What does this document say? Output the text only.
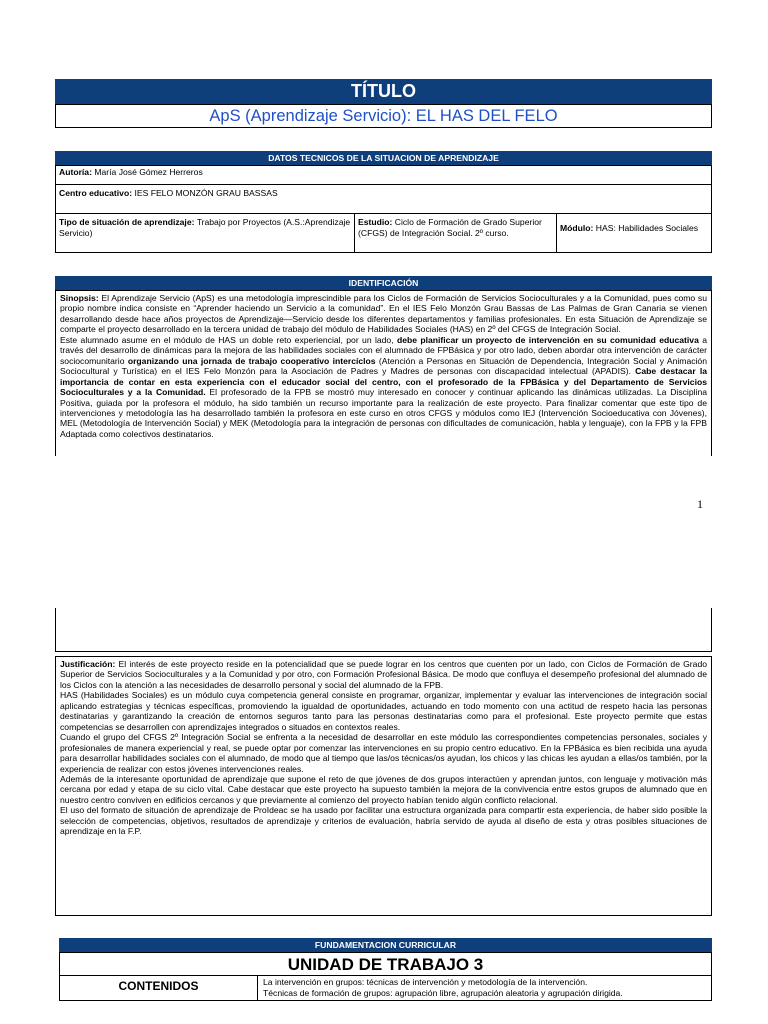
TÍTULO
ApS (Aprendizaje Servicio): EL HAS DEL FELO
DATOS TECNICOS DE LA SITUACION DE APRENDIZAJE
Autoría: María José Gómez Herreros
Centro educativo: IES FELO MONZÓN GRAU BASSAS
Tipo de situación de aprendizaje: Trabajo por Proyectos (A.S.:Aprendizaje Servicio)
Estudio: Ciclo de Formación de Grado Superior (CFGS) de Integración Social. 2º curso.	Módulo: HAS: Habilidades Sociales
IDENTIFICACIÓN

Sinopsis: El Aprendizaje Servicio (ApS) es una metodología imprescindible para los Ciclos de Formación de Servicios Socioculturales y a la Comunidad, pues como su propio nombre indica consiste en “Aprender haciendo un Servicio a la comunidad”. En el IES Felo Monzón Grau Bassas de Las Palmas de Gran Canaria se vienen desarrollando desde hace años proyectos de Aprendizaje—Servicio desde los diferentes departamentos y familias profesionales. En esta Situación de Aprendizaje se comparte el proyecto desarrollado en la tercera unidad de trabajo del módulo de Habilidades Sociales (HAS) en 2º del CFGS de Integración Social.

Este alumnado asume en el módulo de HAS un doble reto experiencial, por un lado, debe planificar un proyecto de intervención en su comunidad educativa a través del desarrollo de dinámicas para la mejora de las habilidades sociales con el alumnado de FPBásica y por otro lado, deben abordar otra intervención de carácter sociocomunitario organizando una jornada de trabajo cooperativo intercíclos (Atención a Personas en Situación de Dependencia, Integración Social y Animación Sociocultural y Turística) en el IES Felo Monzón para la Asociación de Padres y Madres de personas con discapacidad intelectual (APADIS). Cabe destacar la importancia de contar en esta experiencia con el educador social del centro, con el profesorado de la FPBásica y del Departamento de Servicios Socioculturales y a la Comunidad. El profesorado de la FPB se mostró muy interesado en conocer y continuar aplicando las dinámicas utilizadas. La Disciplina Positiva, guiada por la profesora el módulo, ha sido también un recurso importante para la realización de este proyecto. Para finalizar comentar que este tipo de intervenciones y metodología las ha desarrollado también la profesora en este curso en otros CFGS y módulos como IEJ (Intervención Socioeducativa con Jóvenes), MEL (Metodología de Intervención Social) y MEK (Metodología para la integración de personas con dificultades de comunicación, habla y lenguaje), con la FPB y la FPB Adaptada como colectivos destinatarios.

1

Justificación: El interés de este proyecto reside en la potencialidad que se puede lograr en los centros que cuenten por un lado, con Ciclos de Formación de Grado Superior de Servicios Socioculturales y a la Comunidad y por otro, con Formación Profesional Básica. De modo que confluya el desempeño profesional del alumnado de los Ciclos con la atención a las necesidades de desarrollo personal y social del alumnado de la FPB.

HAS (Habilidades Sociales) es un módulo cuya competencia general consiste en programar, organizar, implementar y evaluar las intervenciones de integración social aplicando estrategias y técnicas específicas, promoviendo la igualdad de oportunidades, actuando en todo momento con una actitud de respeto hacia las personas destinatarias y garantizando la creación de entornos seguros tanto para las personas destinatarias como para el profesional. Este proyecto permite que estas competencias se desarrollen con aprendizajes integrados o situados en contextos reales.

Cuando el grupo del CFGS 2º Integración Social se enfrenta a la necesidad de desarrollar en este módulo las correspondientes competencias personales, sociales y profesionales de manera experiencial y real, se puede optar por comenzar las intervenciones en su propio centro educativo. En la FPBásica es bien recibida una ayuda para desarrollar habilidades sociales con el alumnado, de modo que al tiempo que las/os técnicas/os ayudan, los chicos y las chicas les ayudan a ellas/os también, por la experiencia de realizar con estos jóvenes intervenciones reales.

Además de la interesante oportunidad de aprendizaje que supone el reto de que jóvenes de dos grupos interactúen y aprendan juntos, con lenguaje y motivación más cercana por edad y etapa de su ciclo vital. Cabe destacar que este proyecto ha supuesto también la mejora de la convivencia entre estos grupos de alumnado que en nuestro centro conviven en edificios cercanos y que previamente al comienzo del proyecto habían tenido algún conflicto relacional.

El uso del formato de situación de aprendizaje de ProIdeac se ha usado por facilitar una estructura organizada para compartir esta experiencia, de haber sido posible la selección de competencias, objetivos, resultados de aprendizaje y criterios de evaluación, habría servido de ayuda al diseño de esta y otras posibles situaciones de aprendizaje en la F.P.

FUNDAMENTACION CURRICULAR
UNIDAD DE TRABAJO 3
CONTENIDOS	La intervención en grupos: técnicas de intervención y metodología de la intervención.
Técnicas de formación de grupos: agrupación libre, agrupación aleatoria y agrupación dirigida.
